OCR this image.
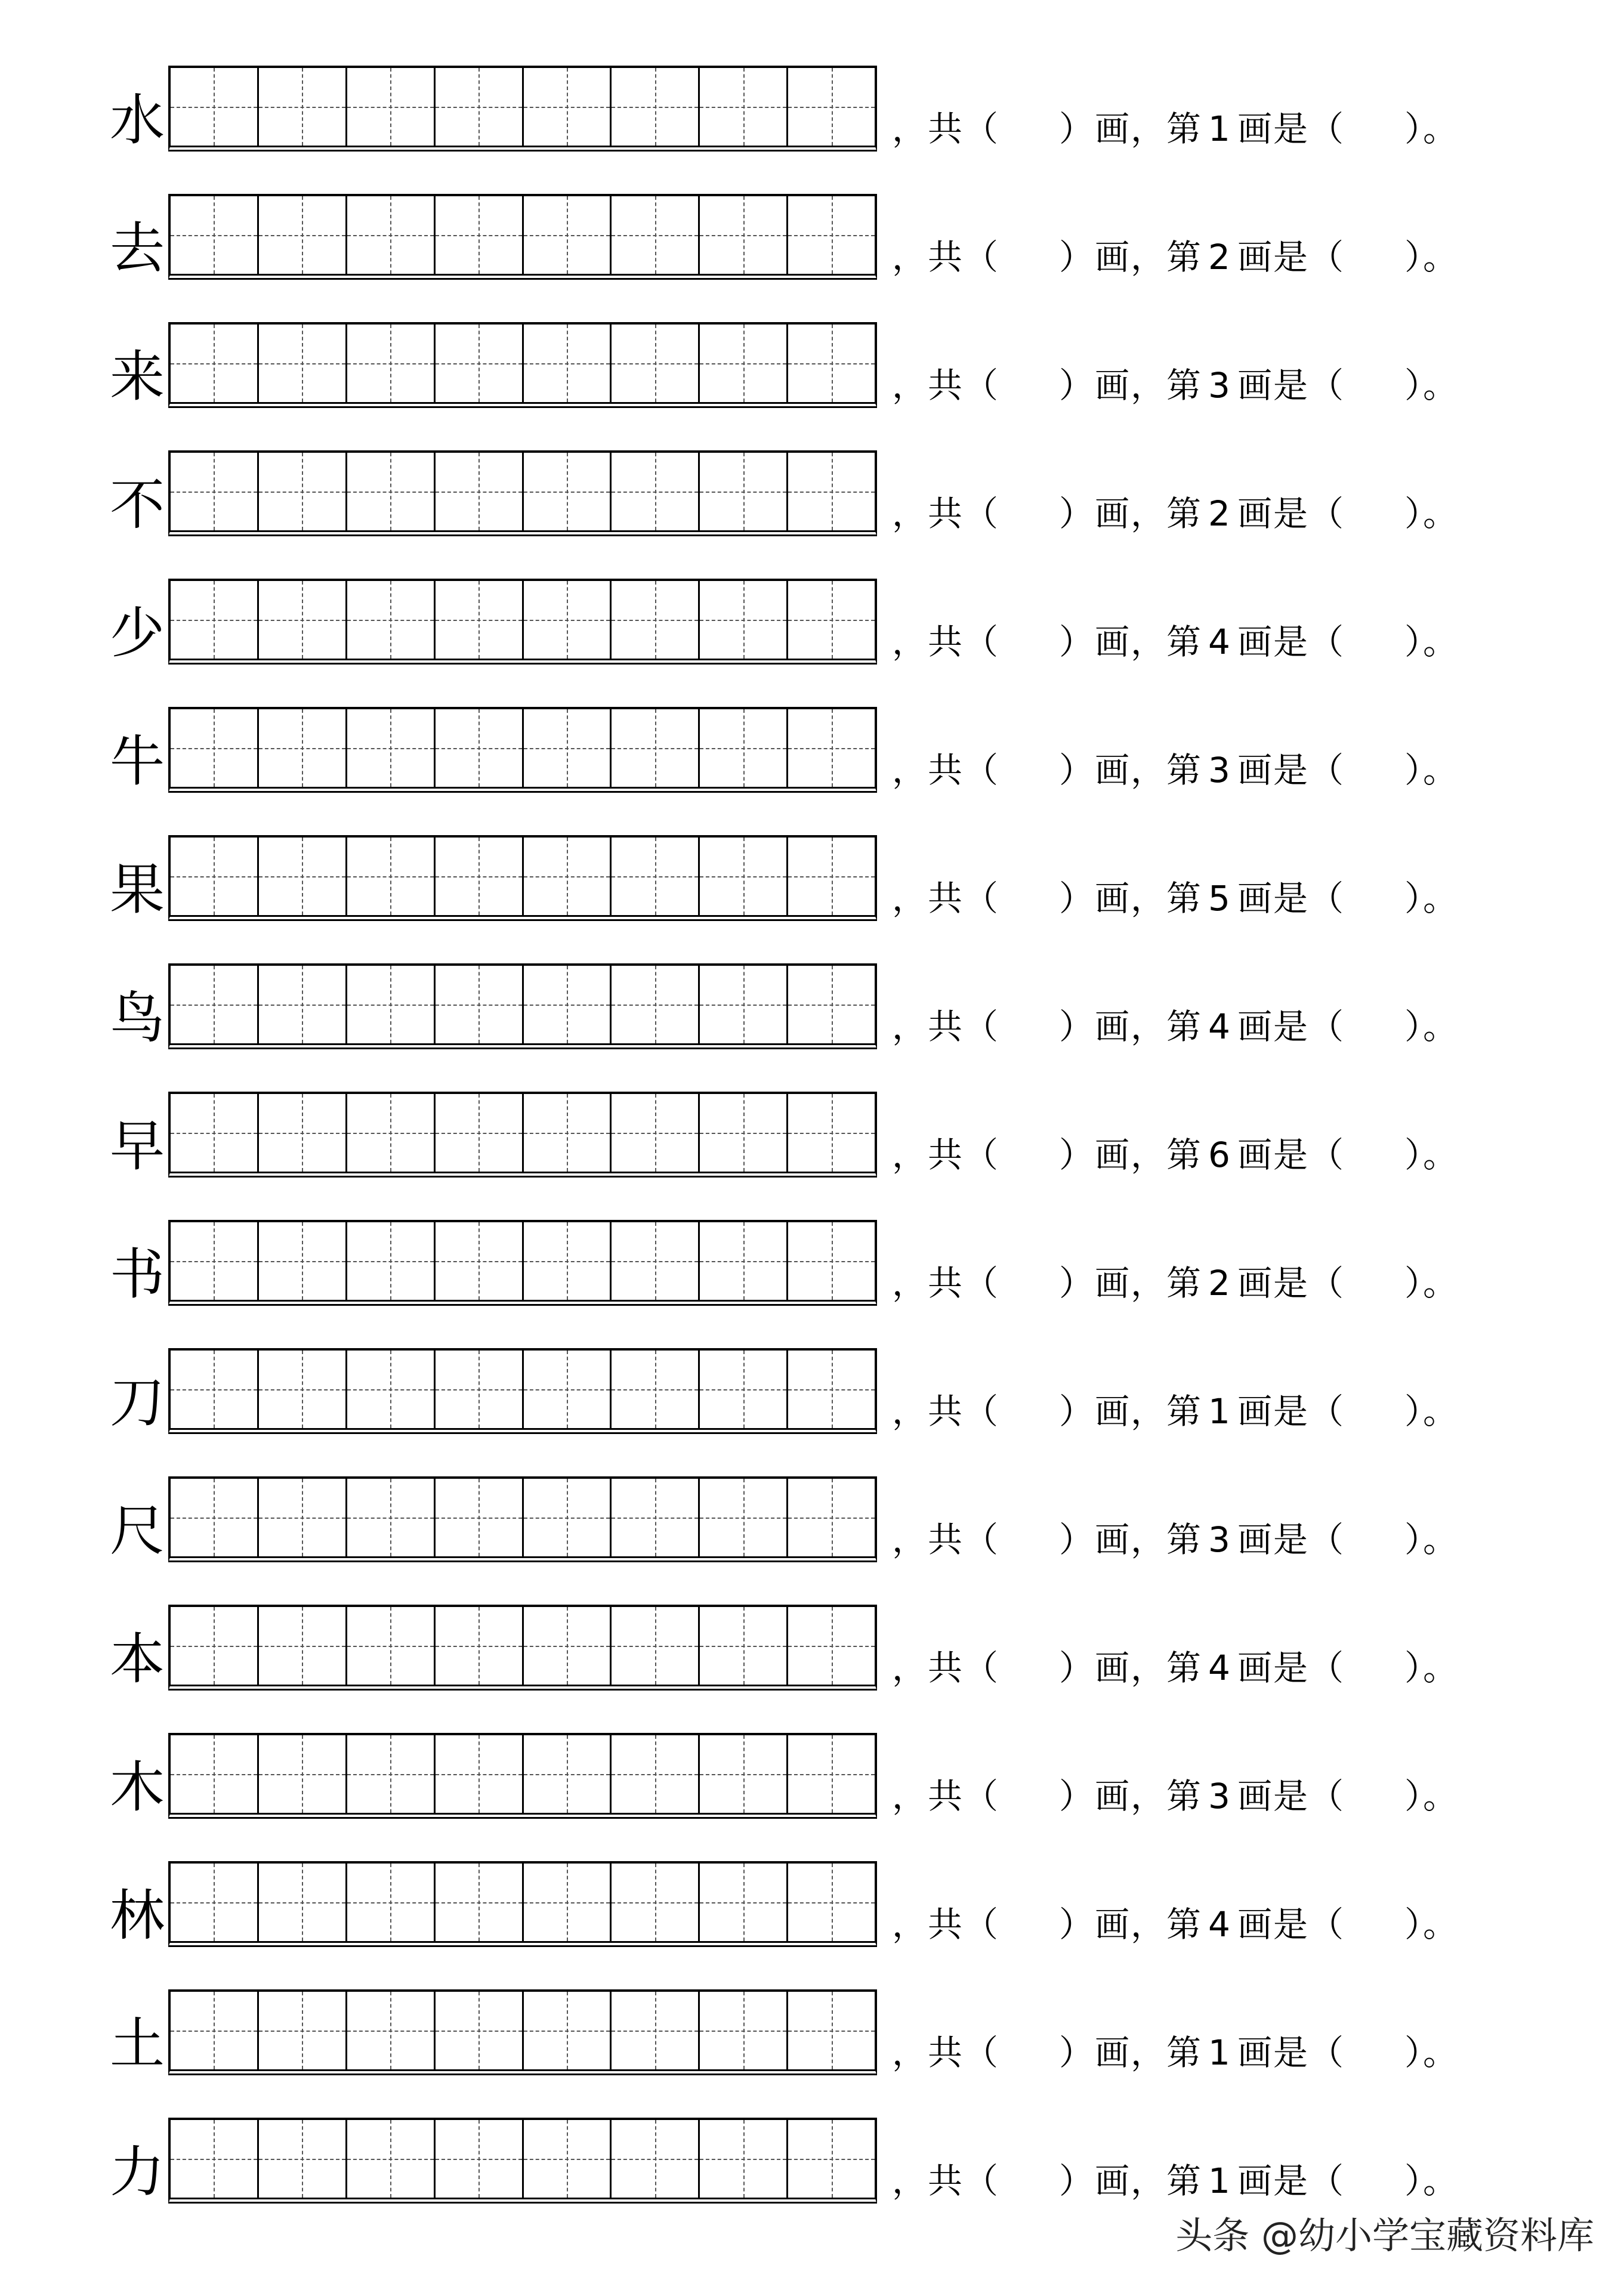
水	，共（ ）画，第 1 画是（ ）。
去	，共（ ）画，第 2 画是（ ）。
来	，共（ ）画，第 3 画是（ ）。
不	，共（ ）画，第 2 画是（ ）。
少	，共（ ）画，第 4 画是（ ）。
牛	，共（ ）画，第 3 画是（ ）。
果	，共（ ）画，第 5 画是（ ）。
鸟	，共（ ）画，第 4 画是（ ）。
早	，共（ ）画，第 6 画是（ ）。
书	，共（ ）画，第 2 画是（ ）。
刀	，共（ ）画，第 1 画是（ ）。
尺	，共（ ）画，第 3 画是（ ）。
本	，共（ ）画，第 4 画是（ ）。
木	，共（ ）画，第 3 画是（ ）。
林	，共（ ）画，第 4 画是（ ）。
土	，共（ ）画，第 1 画是（ ）。
力	，共（ ）画，第 1 画是（ ）。
头条 @幼小学宝藏资料库
